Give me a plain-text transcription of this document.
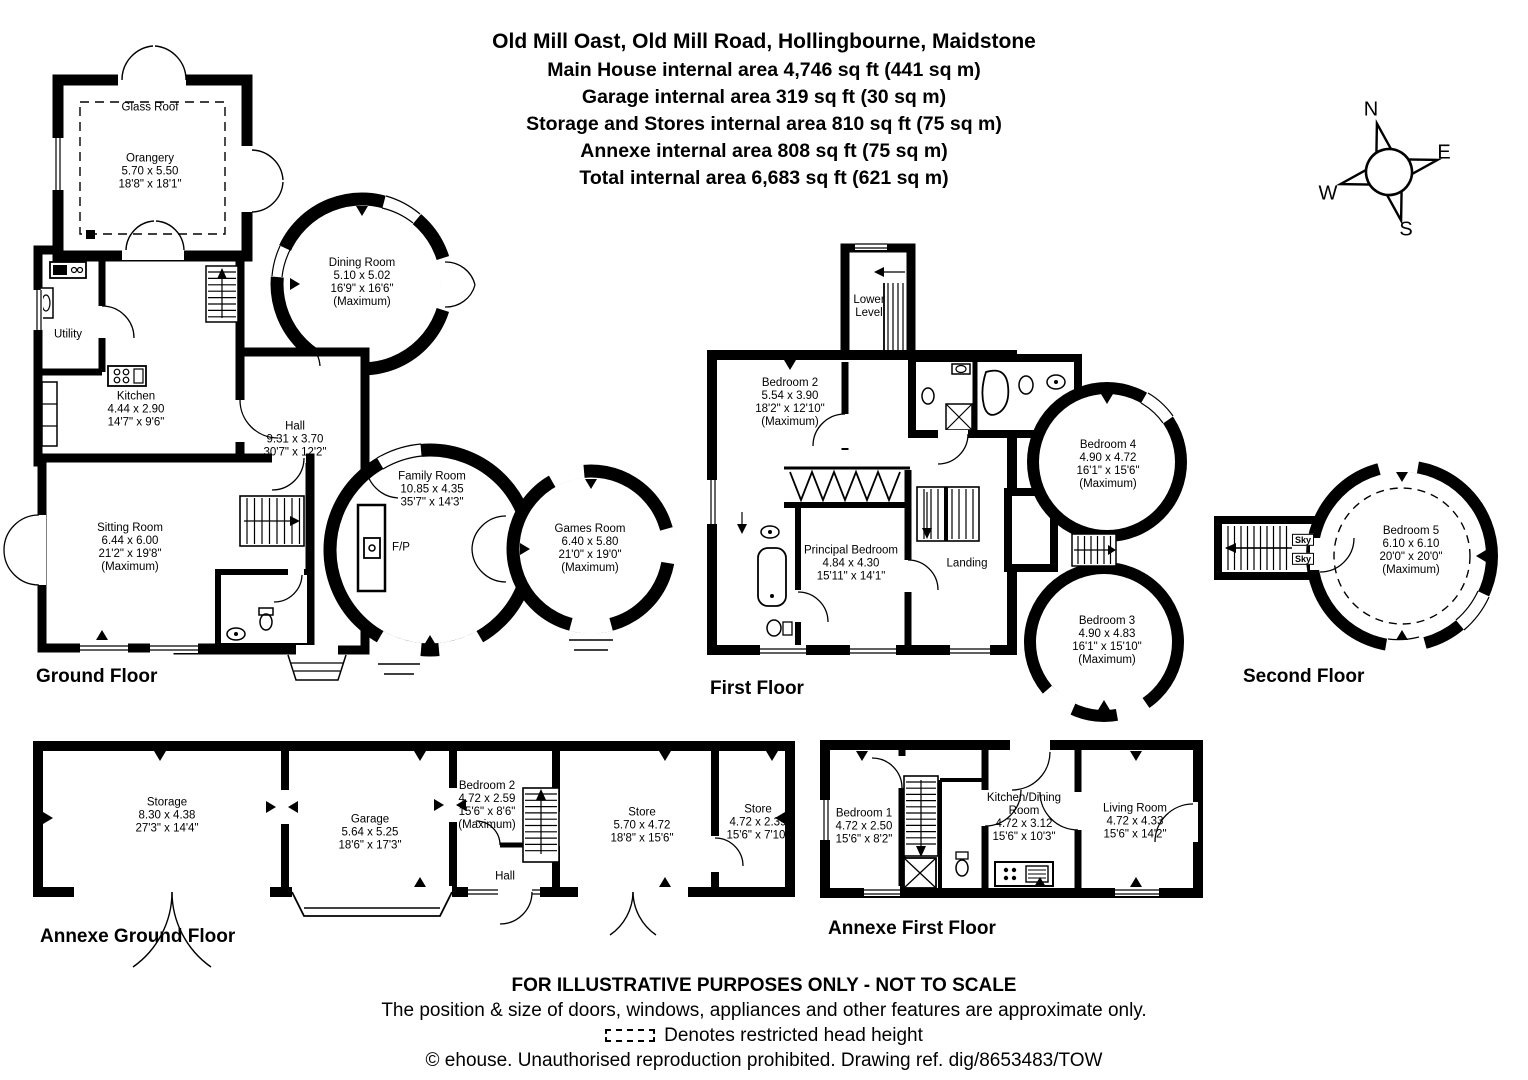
Old Mill Oast, Old Mill Road, Hollingbourne, Maidstone
Main House internal area 4,746 sq ft (441 sq m)
Garage internal area 319 sq ft (30 sq m)
Storage and Stores internal area 810 sq ft (75 sq m)
Annexe internal area 808 sq ft (75 sq m)
Total internal area 6,683 sq ft (621 sq m)
N
E
W
S
Glass Roof
Orangery
5.70 x 5.50
18'8" x 18'1"
Utility
Kitchen
4.44 x 2.90
14'7" x 9'6"	Hall
9.31 x 3.70
30'7" x 12'2"
Sitting Room
6.44 x 6.00
21'2" x 19'8"
(Maximum)
Dining Room
5.10 x 5.02
16'9" x 16'6"
(Maximum)
Family Room
10.85 x 4.35
35'7" x 14'3"
F/P
Games Room
6.40 x 5.80
21'0" x 19'0"
(Maximum)
Ground Floor
Lower Level
Bedroom 2
5.54 x 3.90
18'2" x 12'10"
(Maximum)
Principal Bedroom
4.84 x 4.30
15'11" x 14'1"
Landing
Bedroom 4
4.90 x 4.72
16'1" x 15'6"
(Maximum)
Bedroom 3
4.90 x 4.83
16'1" x 15'10"
(Maximum)
First Floor
Sky
Sky
Bedroom 5
6.10 x 6.10
20'0" x 20'0"
(Maximum)
Second Floor
Storage
8.30 x 4.38
27'3" x 14'4"
Garage
5.64 x 5.25
18'6" x 17'3"
Bedroom 2
4.72 x 2.59
15'6" x 8'6"
(Maximum)
Hall
Store
5.70 x 4.72
18'8" x 15'6"
Store
4.72 x 2.39
15'6" x 7'10"
Annexe Ground Floor
Bedroom 1
4.72 x 2.50
15'6" x 8'2"
Kitchen/Dining Room
4.72 x 3.12
15'6" x 10'3"
Living Room
4.72 x 4.33
15'6" x 14'2"
Annexe First Floor
FOR ILLUSTRATIVE PURPOSES ONLY - NOT TO SCALE
The position & size of doors, windows, appliances and other features are approximate only.
Denotes restricted head height
© ehouse. Unauthorised reproduction prohibited. Drawing ref. dig/8653483/TOW
